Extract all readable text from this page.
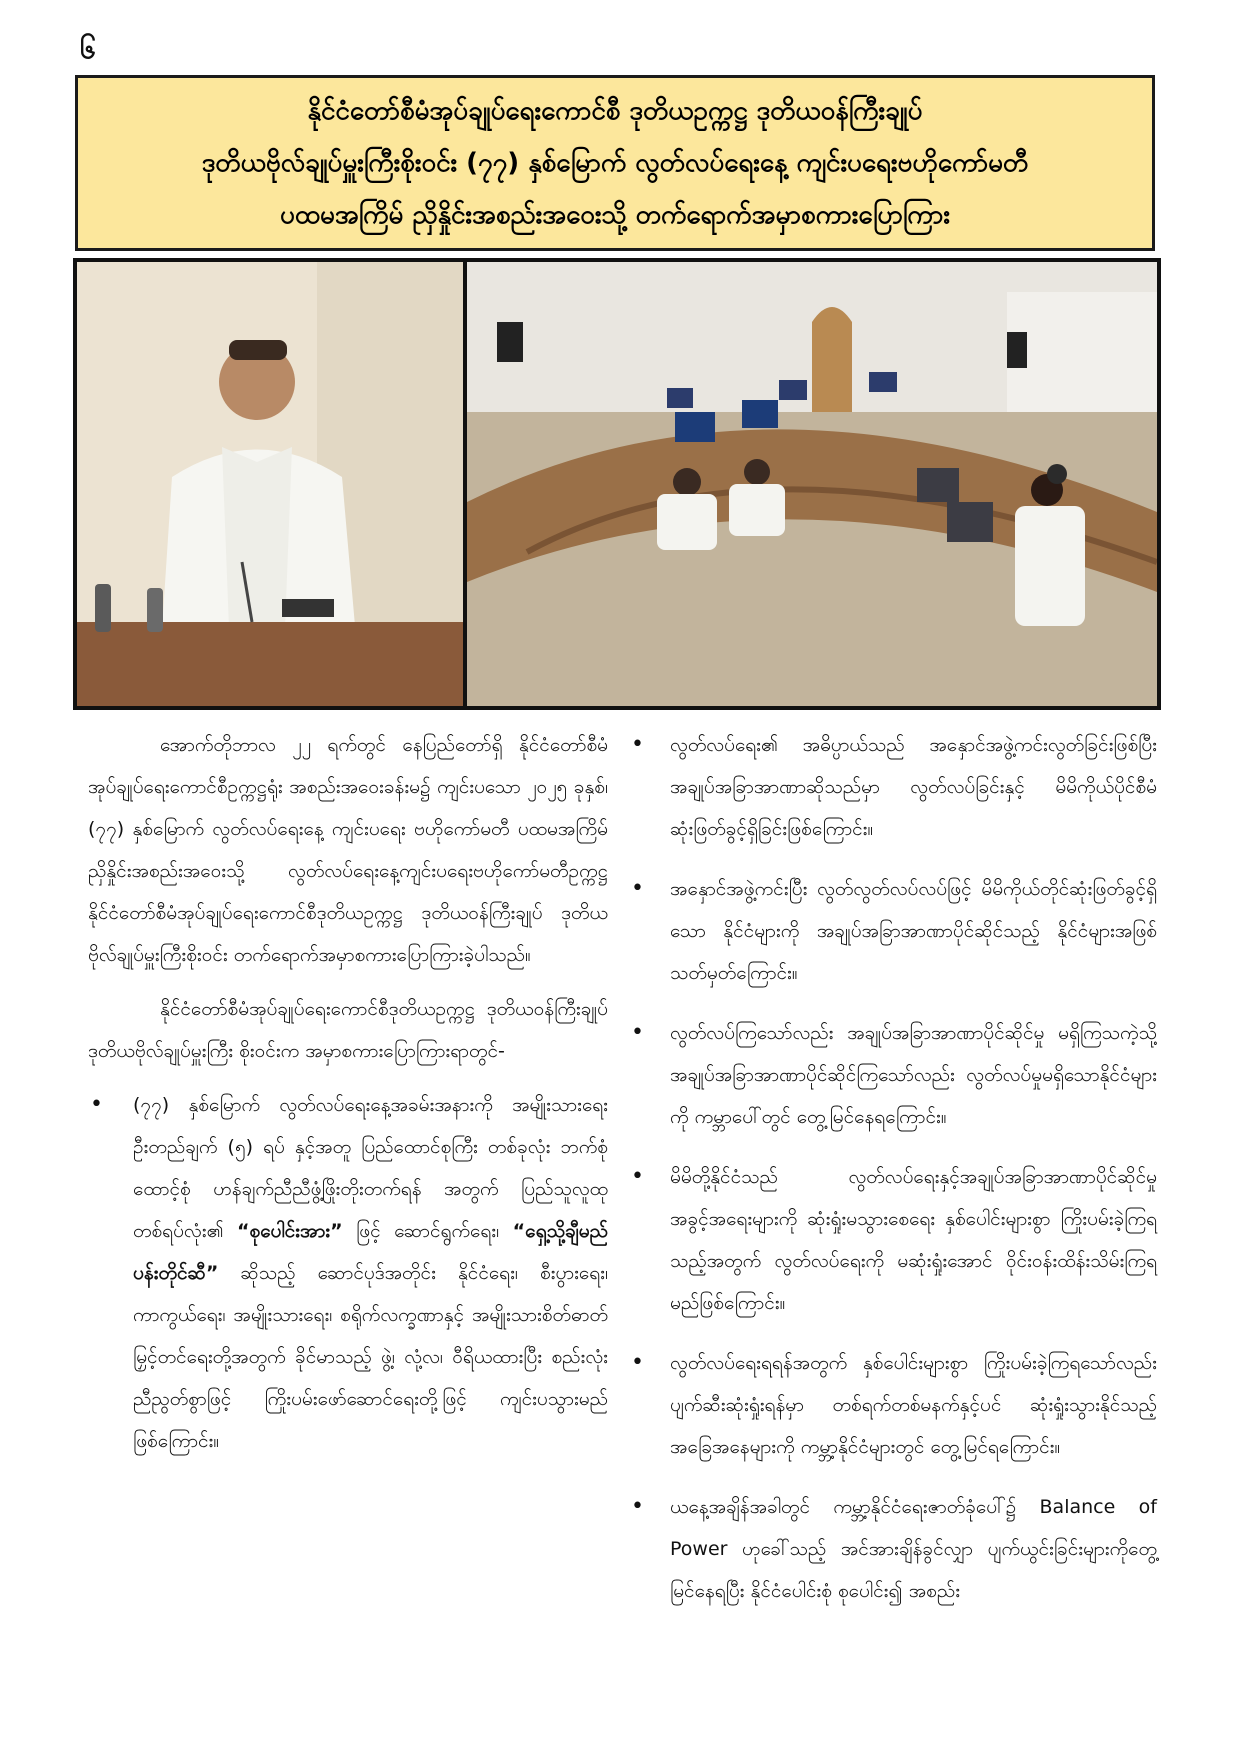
၆
နိုင်ငံတော်စီမံအုပ်ချုပ်ရေးကောင်စီ ဒုတိယဥက္ကဋ္ဌ ဒုတိယဝန်ကြီးချုပ်
ဒုတိယဗိုလ်ချုပ်မှူးကြီးစိုးဝင်း (၇၇) နှစ်မြောက် လွတ်လပ်ရေးနေ့ ကျင်းပရေးဗဟိုကော်မတီ
ပထမအကြိမ် ညှိနှိုင်းအစည်းအဝေးသို့ တက်ရောက်အမှာစကားပြောကြား

အောက်တိုဘာလ ၂၂ ရက်တွင် နေပြည်တော်ရှိ နိုင်ငံတော်စီမံအုပ်ချုပ်ရေးကောင်စီဥက္ကဋ္ဌရုံး အစည်းအဝေးခန်းမ၌ ကျင်းပသော ၂၀၂၅ ခုနှစ်၊ (၇၇) နှစ်မြောက် လွတ်လပ်ရေးနေ့ ကျင်းပရေး ဗဟိုကော်မတီ ပထမအကြိမ်ညှိနှိုင်းအစည်းအဝေးသို့ လွတ်လပ်ရေးနေ့ကျင်းပရေးဗဟိုကော်မတီဥက္ကဋ္ဌ နိုင်ငံတော်စီမံအုပ်ချုပ်ရေးကောင်စီဒုတိယဥက္ကဋ္ဌ ဒုတိယဝန်ကြီးချုပ် ဒုတိယဗိုလ်ချုပ်မှူးကြီးစိုးဝင်း တက်ရောက်အမှာစကားပြောကြားခဲ့ပါသည်။

နိုင်ငံတော်စီမံအုပ်ချုပ်ရေးကောင်စီဒုတိယဥက္ကဋ္ဌ ဒုတိယဝန်ကြီးချုပ် ဒုတိယဗိုလ်ချုပ်မှူးကြီး စိုးဝင်းက အမှာစကားပြောကြားရာတွင်-

• (၇၇) နှစ်မြောက် လွတ်လပ်ရေးနေ့အခမ်းအနားကို အမျိုးသားရေးဦးတည်ချက် (၅) ရပ် နှင့်အတူ ပြည်ထောင်စုကြီး တစ်ခုလုံး ဘက်စုံထောင့်စုံ ဟန်ချက်ညီညီဖွံ့ဖြိုးတိုးတက်ရန် အတွက် ပြည်သူလူထုတစ်ရပ်လုံး၏ “စုပေါင်းအား” ဖြင့် ဆောင်ရွက်ရေး၊ “ရှေ့သို့ချီမည် ပန်းတိုင်ဆီ” ဆိုသည့် ဆောင်ပုဒ်အတိုင်း နိုင်ငံရေး၊ စီးပွားရေး၊ ကာကွယ်ရေး၊ အမျိုးသားရေး၊ စရိုက်လက္ခဏာနှင့် အမျိုးသားစိတ်ဓာတ်မြှင့်တင်ရေးတို့အတွက် ခိုင်မာသည့် ဖွဲ့၊ လုံ့လ၊ ဝီရိယထားပြီး စည်းလုံးညီညွတ်စွာဖြင့် ကြိုးပမ်းဖော်ဆောင်ရေးတို့ဖြင့် ကျင်းပသွားမည်ဖြစ်ကြောင်း။
• လွတ်လပ်ရေး၏ အဓိပ္ပာယ်သည် အနှောင်အဖွဲ့ကင်းလွတ်ခြင်းဖြစ်ပြီး အချုပ်အခြာအာဏာဆိုသည်မှာ လွတ်လပ်ခြင်းနှင့် မိမိကိုယ်ပိုင်စီမံဆုံးဖြတ်ခွင့်ရှိခြင်းဖြစ်ကြောင်း။
• အနှောင်အဖွဲ့ကင်းပြီး လွတ်လွတ်လပ်လပ်ဖြင့် မိမိကိုယ်တိုင်ဆုံးဖြတ်ခွင့်ရှိသော နိုင်ငံများကို အချုပ်အခြာအာဏာပိုင်ဆိုင်သည့် နိုင်ငံများအဖြစ် သတ်မှတ်ကြောင်း။
• လွတ်လပ်ကြသော်လည်း အချုပ်အခြာအာဏာပိုင်ဆိုင်မှု မရှိကြသကဲ့သို့ အချုပ်အခြာအာဏာပိုင်ဆိုင်ကြသော်လည်း လွတ်လပ်မှုမရှိသောနိုင်ငံများကို ကမ္ဘာပေါ်တွင် တွေ့မြင်နေရကြောင်း။
• မိမိတို့နိုင်ငံသည် လွတ်လပ်ရေးနှင့်အချုပ်အခြာအာဏာပိုင်ဆိုင်မှု အခွင့်အရေးများကို ဆုံးရှုံးမသွားစေရေး နှစ်ပေါင်းများစွာ ကြိုးပမ်းခဲ့ကြရသည့်အတွက် လွတ်လပ်ရေးကို မဆုံးရှုံးအောင် ဝိုင်းဝန်းထိန်းသိမ်းကြရမည်ဖြစ်ကြောင်း။
• လွတ်လပ်ရေးရရန်အတွက် နှစ်ပေါင်းများစွာ ကြိုးပမ်းခဲ့ကြရသော်လည်း ပျက်ဆီးဆုံးရှုံးရန်မှာ တစ်ရက်တစ်မနက်နှင့်ပင် ဆုံးရှုံးသွားနိုင်သည့်အခြေအနေများကို ကမ္ဘာ့နိုင်ငံများတွင် တွေ့မြင်ရကြောင်း။
• ယနေ့အချိန်အခါတွင် ကမ္ဘာ့နိုင်ငံရေးဇာတ်ခုံပေါ်၌ Balance of Power ဟုခေါ်သည့် အင်အားချိန်ခွင်လျှာ ပျက်ယွင်းခြင်းများကိုတွေ့မြင်နေရပြီး နိုင်ငံပေါင်းစုံ စုပေါင်း၍ အစည်း
